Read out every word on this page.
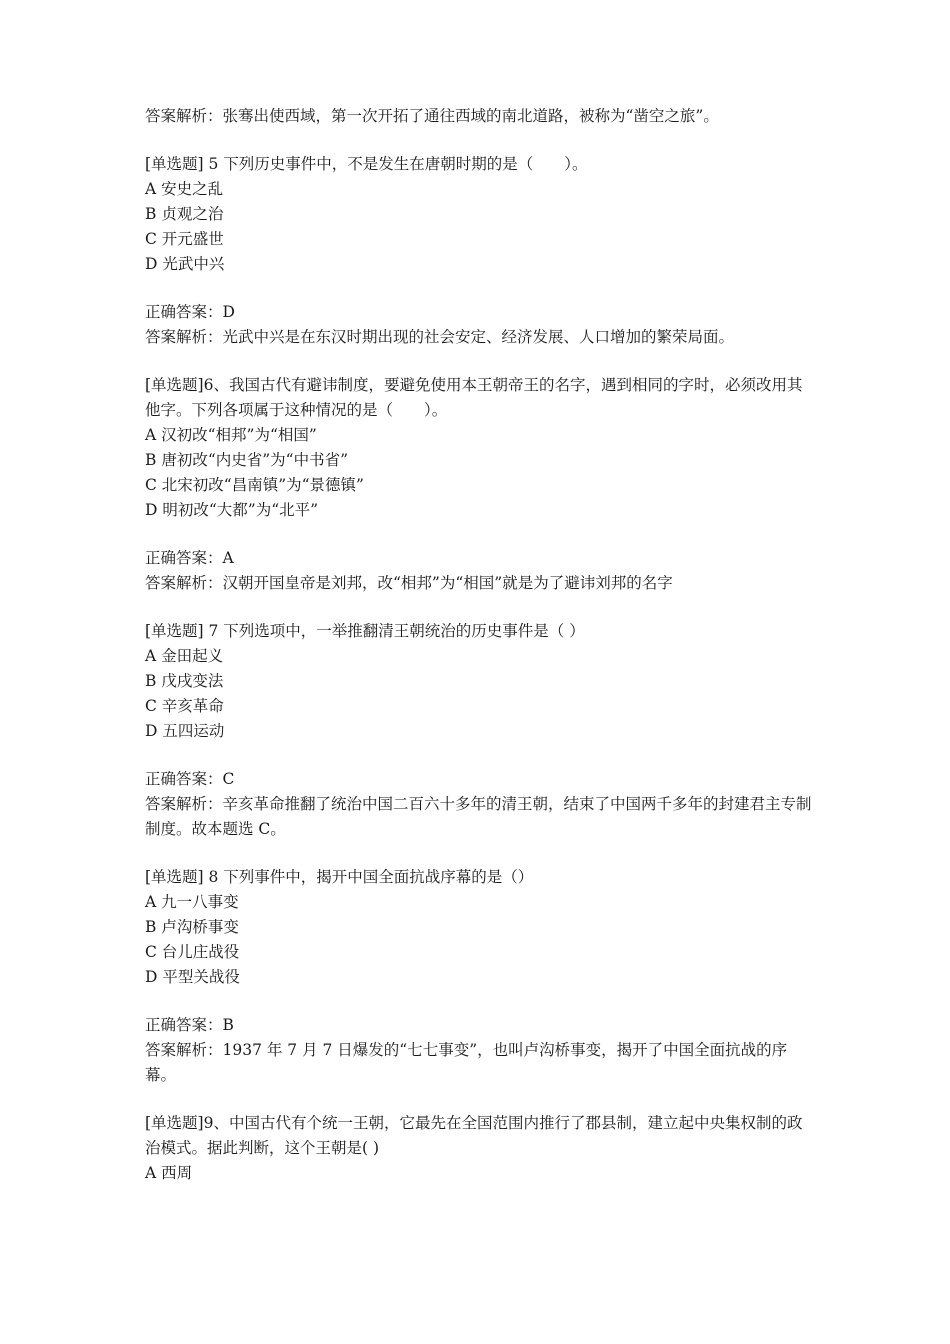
答案解析：张骞出使西域，第一次开拓了通往西域的南北道路，被称为“凿空之旅”。

[单选题] 5 下列历史事件中，不是发生在唐朝时期的是（　　）。

A 安史之乱

B 贞观之治

C 开元盛世

D 光武中兴

正确答案：D

答案解析：光武中兴是在东汉时期出现的社会安定、经济发展、人口增加的繁荣局面。

[单选题]6、我国古代有避讳制度，要避免使用本王朝帝王的名字，遇到相同的字时，必须改用其他字。下列各项属于这种情况的是（　　）。

A 汉初改“相邦”为“相国”

B 唐初改“内史省”为“中书省”

C 北宋初改“昌南镇”为“景德镇”

D 明初改“大都”为“北平”

正确答案：A

答案解析：汉朝开国皇帝是刘邦，改“相邦”为“相国”就是为了避讳刘邦的名字

[单选题] 7 下列选项中，一举推翻清王朝统治的历史事件是（ ）

A 金田起义

B 戊戌变法

C 辛亥革命

D 五四运动

正确答案：C

答案解析：辛亥革命推翻了统治中国二百六十多年的清王朝，结束了中国两千多年的封建君主专制制度。故本题选 C。

[单选题] 8 下列事件中，揭开中国全面抗战序幕的是（）

A 九一八事变

B 卢沟桥事变

C 台儿庄战役

D 平型关战役

正确答案：B

答案解析：1937 年 7 月 7 日爆发的“七七事变”，也叫卢沟桥事变，揭开了中国全面抗战的序幕。

[单选题]9、中国古代有个统一王朝，它最先在全国范围内推行了郡县制，建立起中央集权制的政治模式。据此判断，这个王朝是( )

A 西周
